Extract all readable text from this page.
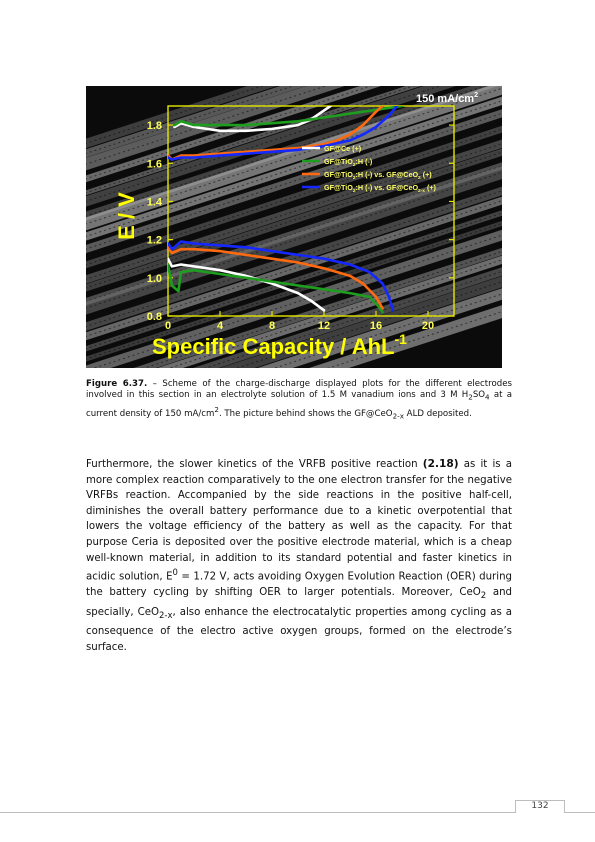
0.8
1.0
1.2
1.4
1.6
1.8
0	4	8	12	16	20
E / V
Specific Capacity / AhL$^{-1}$
GF@Ce (+)
GF@TiO$_2$:H (-)
GF@TiO$_2$:H (-) vs. GF@CeO$_2$ (+)
GF@TiO$_2$:H (-) vs. GF@CeO$_{2-x}$ (+)
150 $mA/cm^2$

Figure 6.37. – Scheme of the charge-discharge displayed plots for the different electrodes involved in this section in an electrolyte solution of 1.5 M vanadium ions and 3 M $H_2SO_4$ at a current density of 150 $mA/cm^2$. The picture behind shows the GF@CeO$_{2-x}$ ALD deposited.

Furthermore, the slower kinetics of the VRFB positive reaction (2.18) as it is a more complex reaction comparatively to the one electron transfer for the negative VRFBs reaction. Accompanied by the side reactions in the positive half-cell, diminishes the overall battery performance due to a kinetic overpotential that lowers the voltage efficiency of the battery as well as the capacity. For that purpose Ceria is deposited over the positive electrode material, which is a cheap well-known material, in addition to its standard potential and faster kinetics in acidic solution, $E^0 = 1.72$ V, acts avoiding Oxygen Evolution Reaction (OER) during the battery cycling by shifting OER to larger potentials. Moreover, CeO$_2$ and specially, CeO$_{2-x}$, also enhance the electrocatalytic properties among cycling as a consequence of the electro active oxygen groups, formed on the electrode’s surface.

132
